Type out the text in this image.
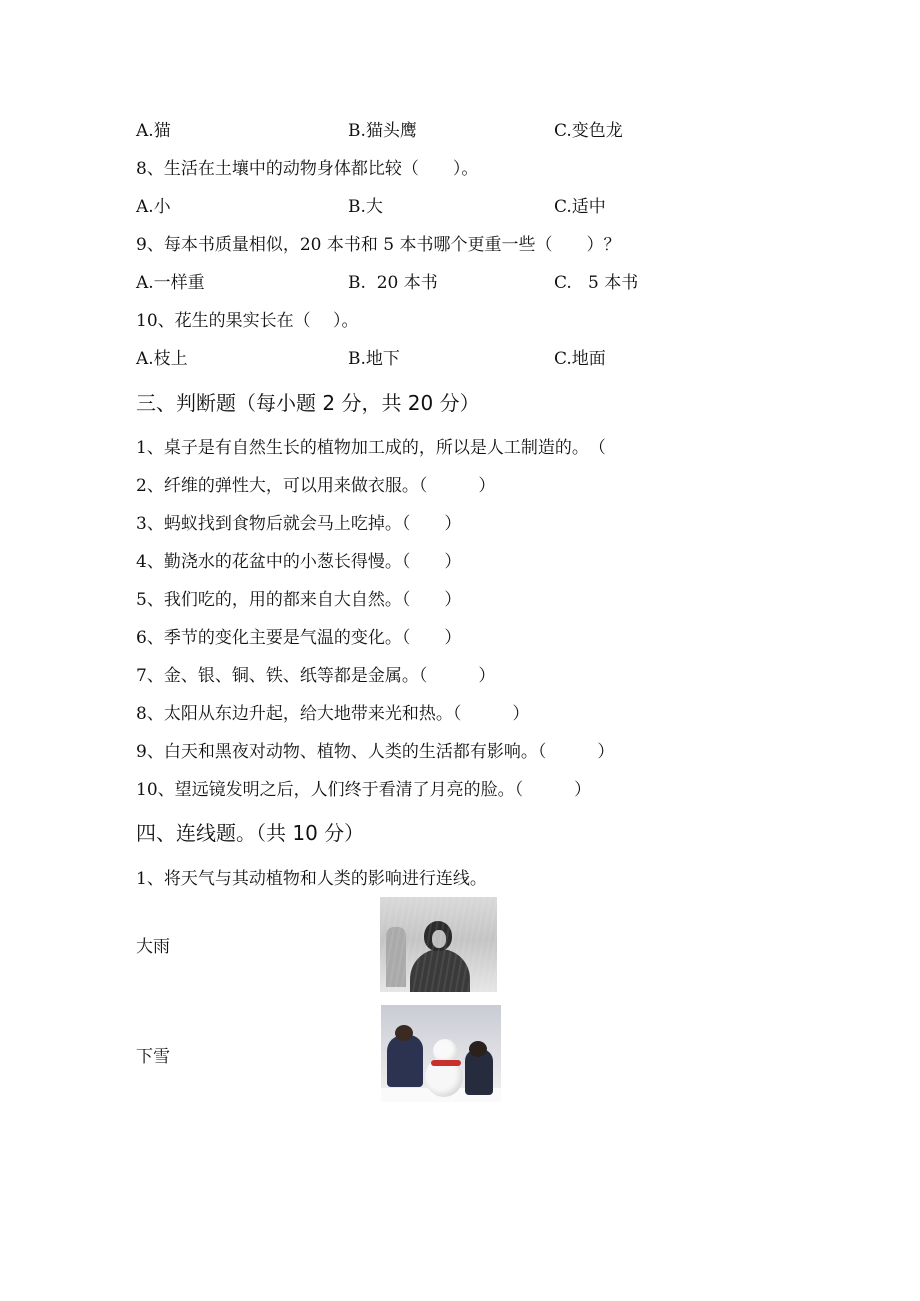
A.猫	B.猫头鹰	C.变色龙
8、生活在土壤中的动物身体都比较（　　）。
A.小	B.大	C.适中
9、每本书质量相似，20 本书和 5 本书哪个更重一些（　　）？
A.一样重	B.  20 本书	C.   5 本书
10、花生的果实长在（　 ）。
A.枝上	B.地下	C.地面
三、判断题（每小题 2 分，共 20 分）
1、桌子是有自然生长的植物加工成的，所以是人工制造的。　（
2、纤维的弹性大，可以用来做衣服。（　　　）
3、蚂蚁找到食物后就会马上吃掉。（　　）
4、勤浇水的花盆中的小葱长得慢。（　　）
5、我们吃的，用的都来自大自然。（　　）
6、季节的变化主要是气温的变化。（　　）
7、金、银、铜、铁、纸等都是金属。（　　　）
8、太阳从东边升起，给大地带来光和热。（　　　）
9、白天和黑夜对动物、植物、人类的生活都有影响。（　　　）
10、望远镜发明之后，人们终于看清了月亮的脸。（　　　）
四、连线题。（共 10 分）
1、将天气与其动植物和人类的影响进行连线。
大雨
下雪
